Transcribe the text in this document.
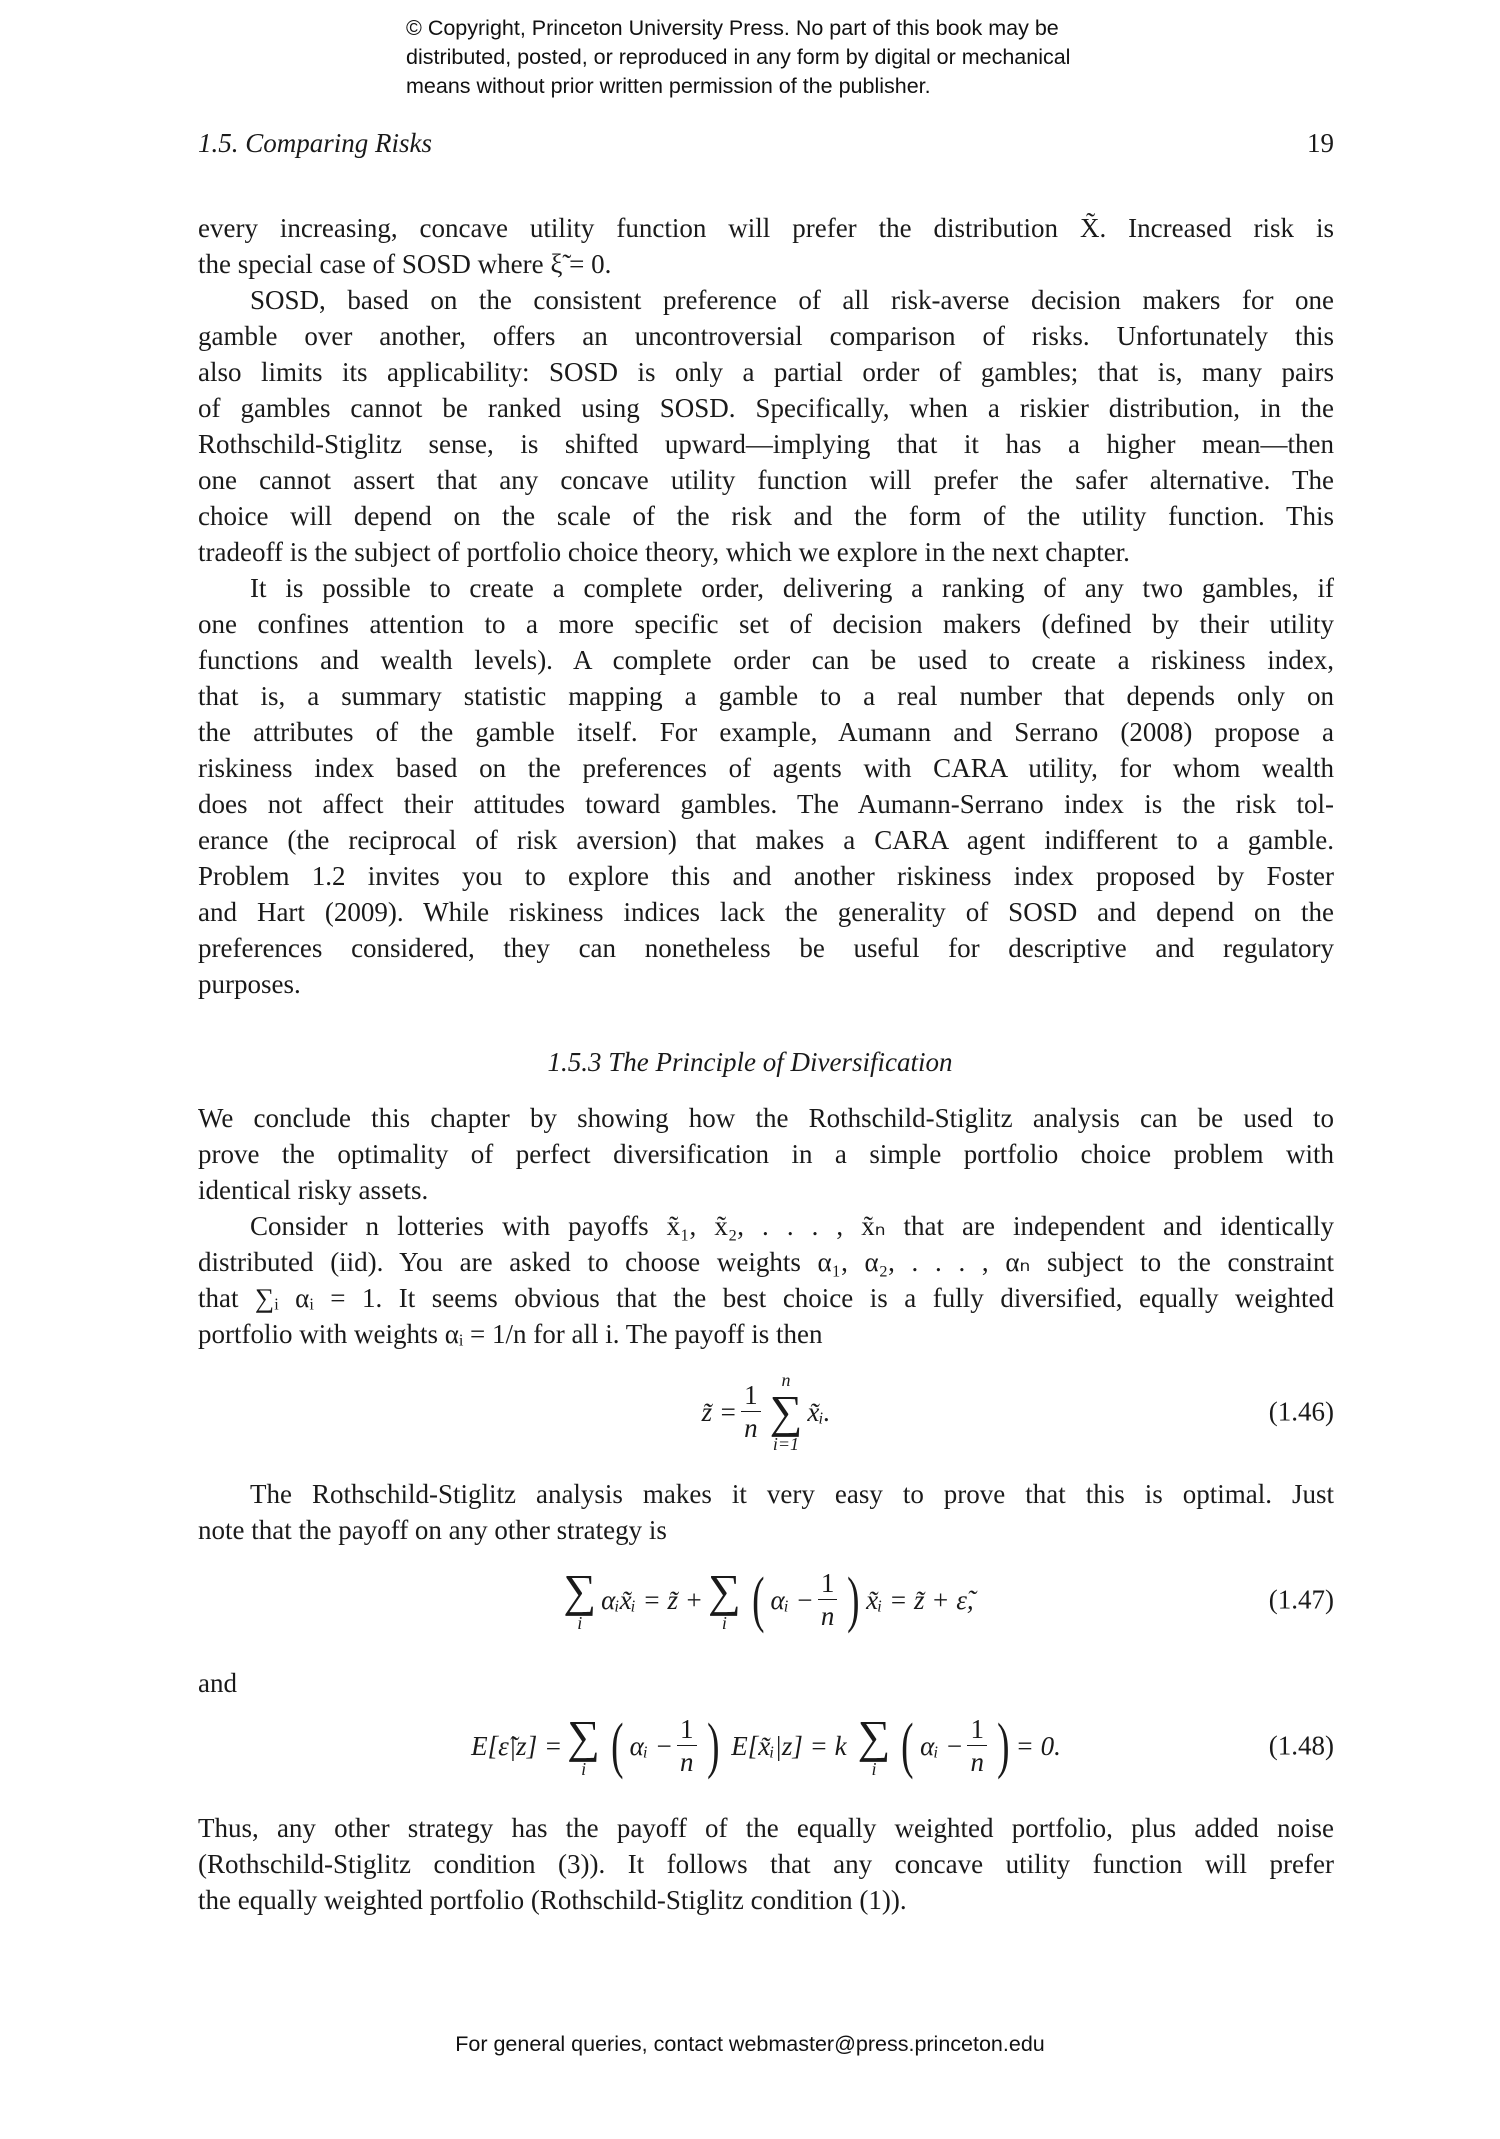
© Copyright, Princeton University Press. No part of this book may be
distributed, posted, or reproduced in any form by digital or mechanical
means without prior written permission of the publisher.
1.5. Comparing Risks	19
every increasing, concave utility function will prefer the distribution X̃. Increased risk is
the special case of SOSD where ξ̃ = 0.
SOSD, based on the consistent preference of all risk-averse decision makers for one
gamble over another, offers an uncontroversial comparison of risks. Unfortunately this
also limits its applicability: SOSD is only a partial order of gambles; that is, many pairs
of gambles cannot be ranked using SOSD. Specifically, when a riskier distribution, in the
Rothschild-Stiglitz sense, is shifted upward—implying that it has a higher mean—then
one cannot assert that any concave utility function will prefer the safer alternative. The
choice will depend on the scale of the risk and the form of the utility function. This
tradeoff is the subject of portfolio choice theory, which we explore in the next chapter.
It is possible to create a complete order, delivering a ranking of any two gambles, if
one confines attention to a more specific set of decision makers (defined by their utility
functions and wealth levels). A complete order can be used to create a riskiness index,
that is, a summary statistic mapping a gamble to a real number that depends only on
the attributes of the gamble itself. For example, Aumann and Serrano (2008) propose a
riskiness index based on the preferences of agents with CARA utility, for whom wealth
does not affect their attitudes toward gambles. The Aumann-Serrano index is the risk tol-
erance (the reciprocal of risk aversion) that makes a CARA agent indifferent to a gamble.
Problem 1.2 invites you to explore this and another riskiness index proposed by Foster
and Hart (2009). While riskiness indices lack the generality of SOSD and depend on the
preferences considered, they can nonetheless be useful for descriptive and regulatory
purposes.
1.5.3 The Principle of Diversification
We conclude this chapter by showing how the Rothschild-Stiglitz analysis can be used to
prove the optimality of perfect diversification in a simple portfolio choice problem with
identical risky assets.
Consider n lotteries with payoffs x̃₁, x̃₂, . . . , x̃ₙ that are independent and identically
distributed (iid). You are asked to choose weights α₁, α₂, . . . , αₙ subject to the constraint
that ∑ᵢ αᵢ = 1. It seems obvious that the best choice is a fully diversified, equally weighted
portfolio with weights αᵢ = 1/n for all i. The payoff is then
z̃ = $\frac{1}{n}$
n
∑
i=1
x̃ᵢ.	(1.46)
The Rothschild-Stiglitz analysis makes it very easy to prove that this is optimal. Just
note that the payoff on any other strategy is
∑
i
αᵢx̃ᵢ = z̃ + ∑
i ( αᵢ − $\frac{1}{n}$ ) x̃ᵢ = z̃ + ε̃,	(1.47)
and
E[ε̃|z] = ∑
i ( αᵢ − $\frac{1}{n}$ ) E[x̃ᵢ|z] = k ∑
i ( αᵢ − $\frac{1}{n}$ ) = 0.	(1.48)
Thus, any other strategy has the payoff of the equally weighted portfolio, plus added noise
(Rothschild-Stiglitz condition (3)). It follows that any concave utility function will prefer
the equally weighted portfolio (Rothschild-Stiglitz condition (1)).
For general queries, contact webmaster@press.princeton.edu
